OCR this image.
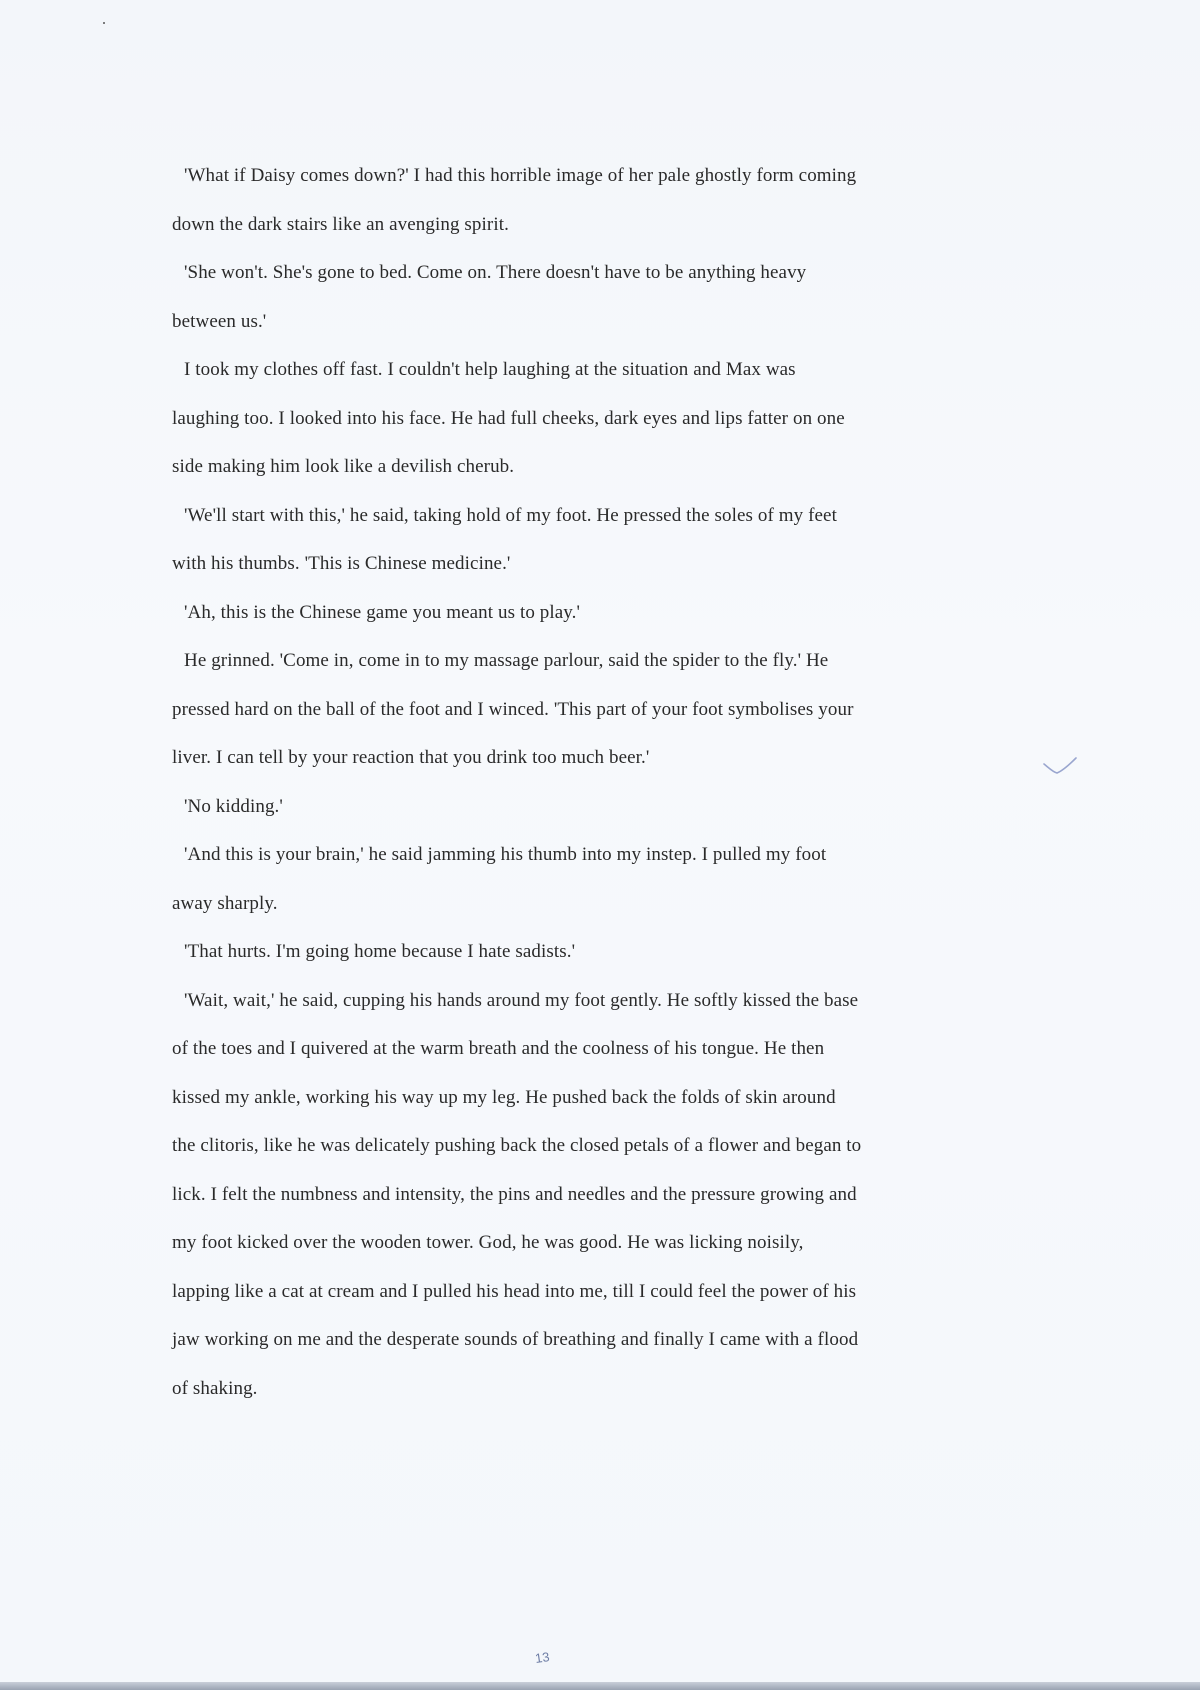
'What if Daisy comes down?' I had this horrible image of her pale ghostly form coming
down the dark stairs like an avenging spirit.
'She won't. She's gone to bed. Come on. There doesn't have to be anything heavy
between us.'
I took my clothes off fast. I couldn't help laughing at the situation and Max was
laughing too. I looked into his face. He had full cheeks, dark eyes and lips fatter on one
side making him look like a devilish cherub.
'We'll start with this,' he said, taking hold of my foot. He pressed the soles of my feet
with his thumbs. 'This is Chinese medicine.'
'Ah, this is the Chinese game you meant us to play.'
He grinned. 'Come in, come in to my massage parlour, said the spider to the fly.' He
pressed hard on the ball of the foot and I winced. 'This part of your foot symbolises your
liver. I can tell by your reaction that you drink too much beer.'
'No kidding.'
'And this is your brain,' he said jamming his thumb into my instep. I pulled my foot
away sharply.
'That hurts. I'm going home because I hate sadists.'
'Wait, wait,' he said, cupping his hands around my foot gently. He softly kissed the base
of the toes and I quivered at the warm breath and the coolness of his tongue. He then
kissed my ankle, working his way up my leg. He pushed back the folds of skin around
the clitoris, like he was delicately pushing back the closed petals of a flower and began to
lick. I felt the numbness and intensity, the pins and needles and the pressure growing and
my foot kicked over the wooden tower. God, he was good. He was licking noisily,
lapping like a cat at cream and I pulled his head into me, till I could feel the power of his
jaw working on me and the desperate sounds of breathing and finally I came with a flood
of shaking.
13
